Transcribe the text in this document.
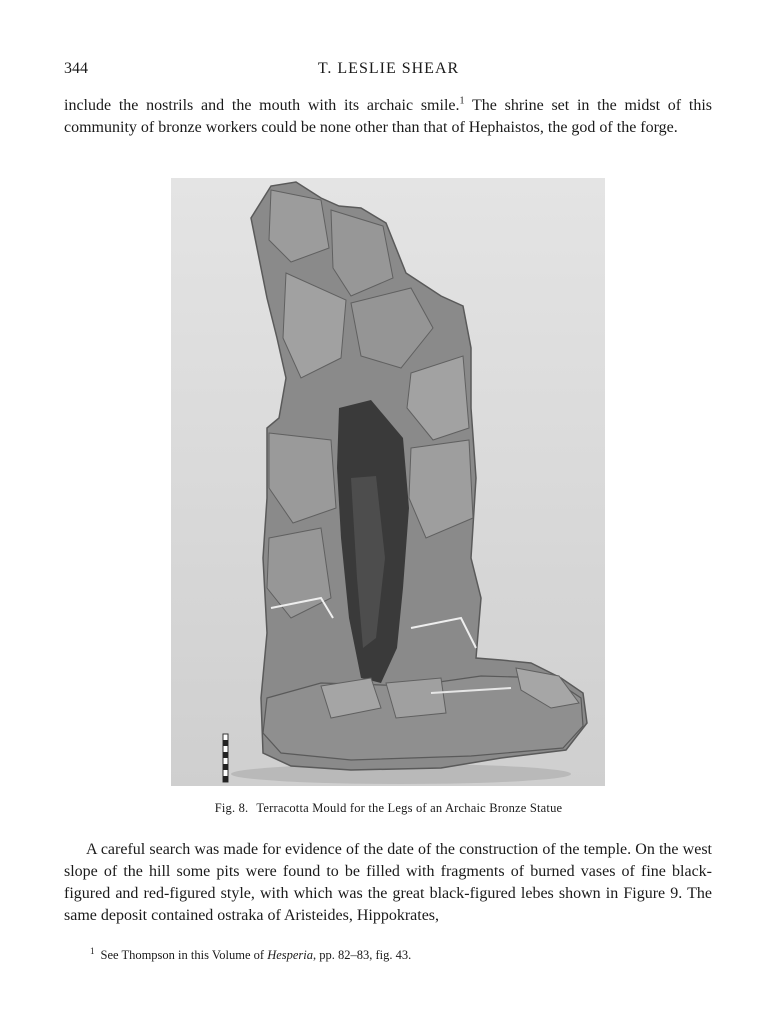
344	T. LESLIE SHEAR

include the nostrils and the mouth with its archaic smile.$^1$ The shrine set in the midst of this community of bronze workers could be none other than that of Hephaistos, the god of the forge.

Fig. 8. Terracotta Mould for the Legs of an Archaic Bronze Statue

A careful search was made for evidence of the date of the construction of the temple. On the west slope of the hill some pits were found to be filled with fragments of burned vases of fine black-figured and red-figured style, with which was the great black-figured lebes shown in Figure 9. The same deposit contained ostraka of Aristeides, Hippokrates,

$^1$ See Thompson in this Volume of Hesperia, pp. 82–83, fig. 43.
